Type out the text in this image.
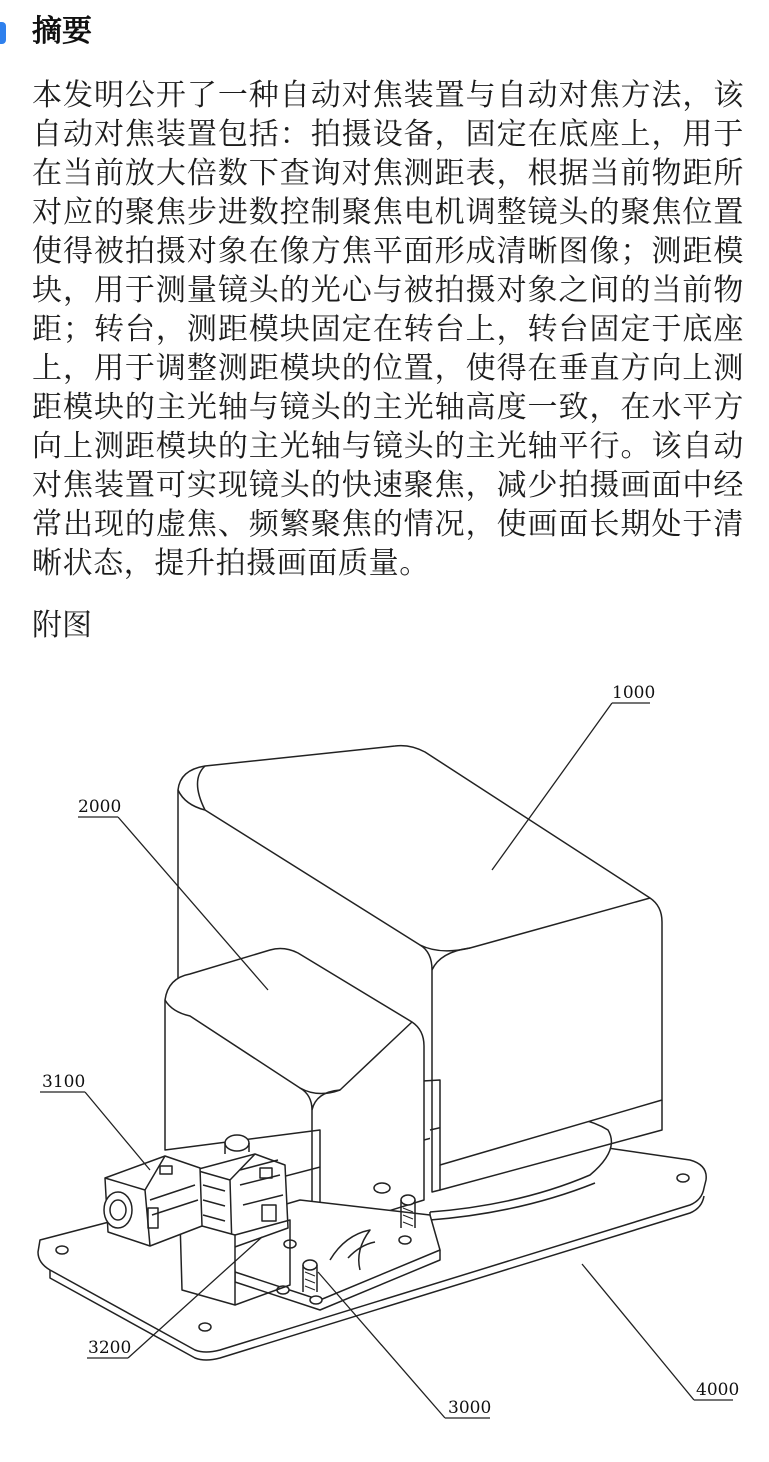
摘要

本发明公开了一种自动对焦装置与自动对焦方法，该自动对焦装置包括：拍摄设备，固定在底座上，用于在当前放大倍数下查询对焦测距表，根据当前物距所对应的聚焦步进数控制聚焦电机调整镜头的聚焦位置使得被拍摄对象在像方焦平面形成清晰图像；测距模块，用于测量镜头的光心与被拍摄对象之间的当前物距；转台，测距模块固定在转台上，转台固定于底座上，用于调整测距模块的位置，使得在垂直方向上测距模块的主光轴与镜头的主光轴高度一致，在水平方向上测距模块的主光轴与镜头的主光轴平行。该自动对焦装置可实现镜头的快速聚焦，减少拍摄画面中经常出现的虚焦、频繁聚焦的情况，使画面长期处于清晰状态，提升拍摄画面质量。

附图
1000
2000
3100
3200
3000
4000
